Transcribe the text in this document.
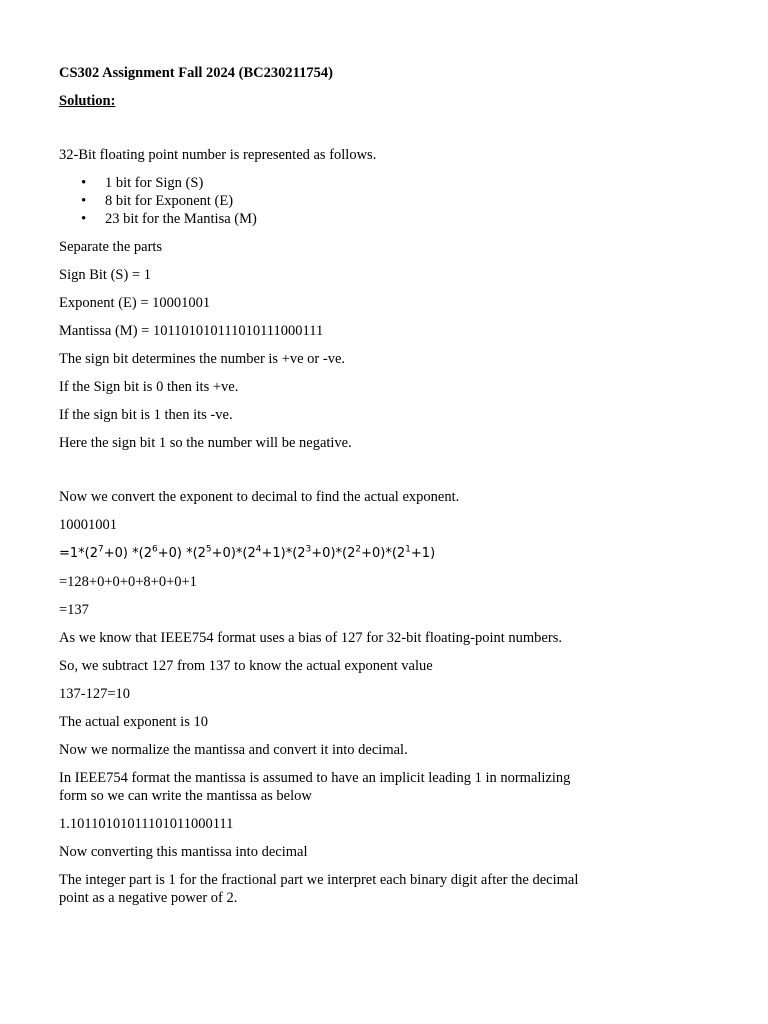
CS302 Assignment Fall 2024 (BC230211754)

Solution:

32-Bit floating point number is represented as follows.

• 1 bit for Sign (S)
• 8 bit for Exponent (E)
• 23 bit for the Mantisa (M)

Separate the parts

Sign Bit (S) = 1

Exponent (E) = 10001001

Mantissa (M) = 101101010111010111000111

The sign bit determines the number is +ve or -ve.

If the Sign bit is 0 then its +ve.

If the sign bit is 1 then its -ve.

Here the sign bit 1 so the number will be negative.

Now we convert the exponent to decimal to find the actual exponent.

10001001

$=1*(2^7+0)$ $*(2^6+0)$ $*(2^5+0)*(2^4+1)*(2^3+0)*(2^2+0)*(2^1+1)$

=128+0+0+0+8+0+0+1

=137

As we know that IEEE754 format uses a bias of 127 for 32-bit floating-point numbers.

So, we subtract 127 from 137 to know the actual exponent value

137-127=10

The actual exponent is 10

Now we normalize the mantissa and convert it into decimal.

In IEEE754 format the mantissa is assumed to have an implicit leading 1 in normalizing form so we can write the mantissa as below

1.10110101011101011000111

Now converting this mantissa into decimal

The integer part is 1 for the fractional part we interpret each binary digit after the decimal point as a negative power of 2.
